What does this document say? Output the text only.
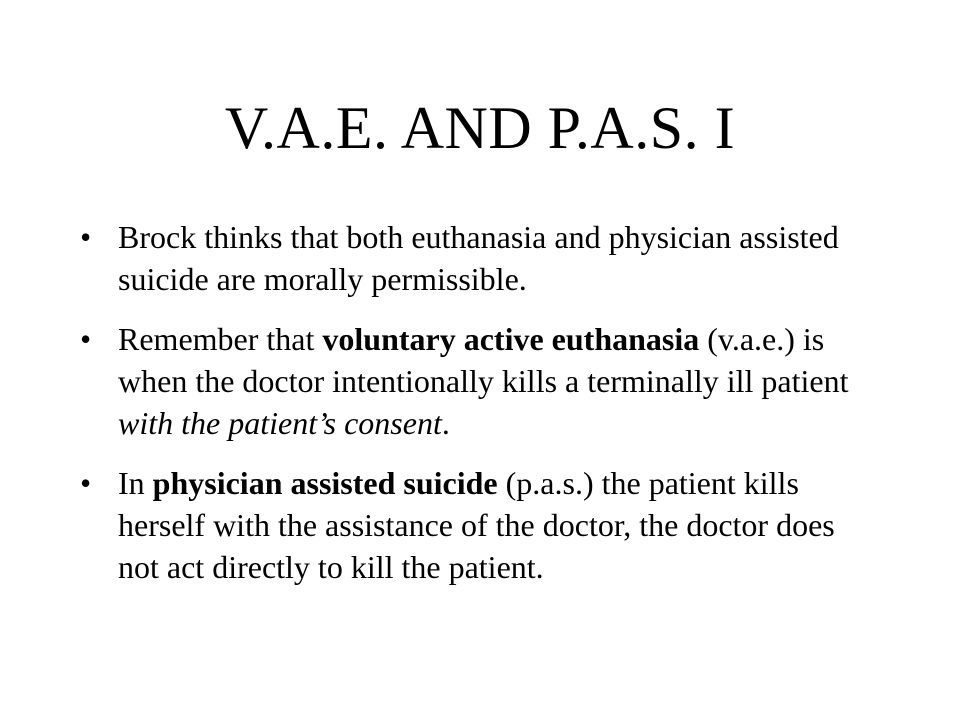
V.A.E. AND P.A.S. I
• Brock thinks that both euthanasia and physician assisted suicide are morally permissible.
• Remember that voluntary active euthanasia (v.a.e.) is when the doctor intentionally kills a terminally ill patient with the patient’s consent.
• In physician assisted suicide (p.a.s.) the patient kills herself with the assistance of the doctor, the doctor does not act directly to kill the patient.
